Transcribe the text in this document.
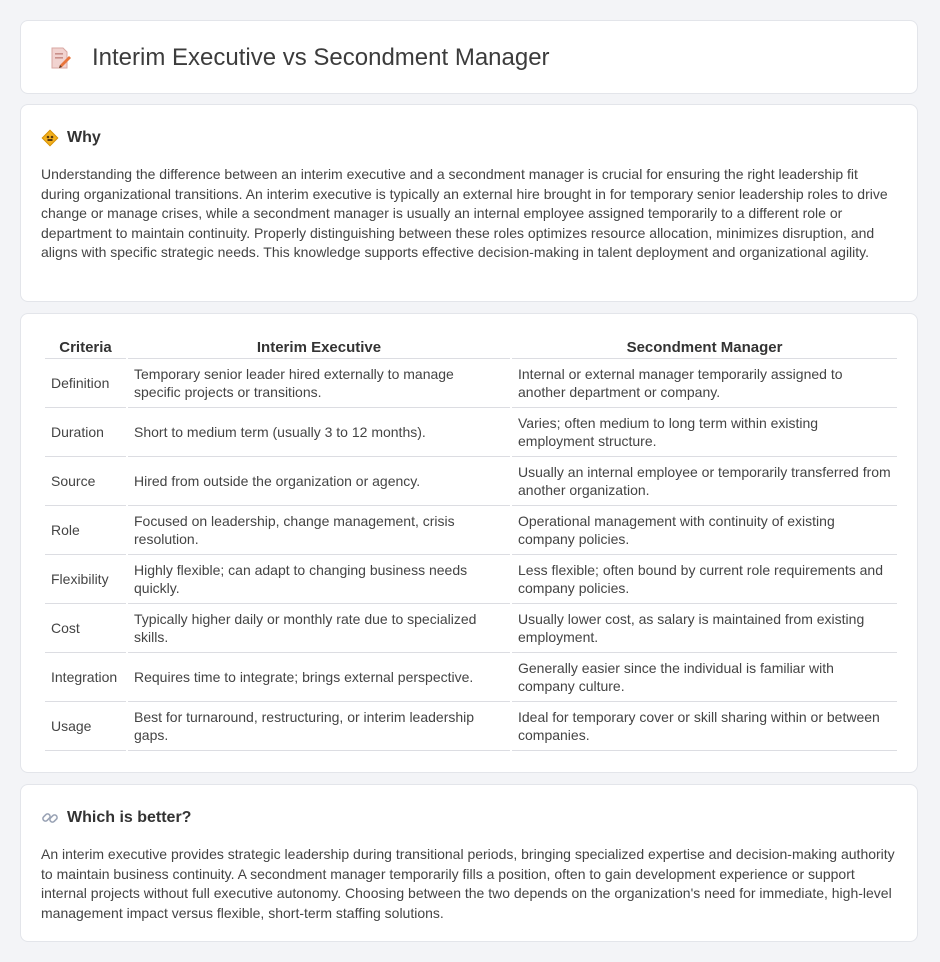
Interim Executive vs Secondment Manager
Why

Understanding the difference between an interim executive and a secondment manager is crucial for ensuring the right leadership fit during organizational transitions. An interim executive is typically an external hire brought in for temporary senior leadership roles to drive change or manage crises, while a secondment manager is usually an internal employee assigned temporarily to a different role or department to maintain continuity. Properly distinguishing between these roles optimizes resource allocation, minimizes disruption, and aligns with specific strategic needs. This knowledge supports effective decision-making in talent deployment and organizational agility.

Criteria	Interim Executive	Secondment Manager
Definition	Temporary senior leader hired externally to manage specific projects or transitions.	Internal or external manager temporarily assigned to another department or company.
Duration	Short to medium term (usually 3 to 12 months).	Varies; often medium to long term within existing employment structure.
Source	Hired from outside the organization or agency.	Usually an internal employee or temporarily transferred from another organization.
Role	Focused on leadership, change management, crisis resolution.	Operational management with continuity of existing company policies.
Flexibility	Highly flexible; can adapt to changing business needs quickly.	Less flexible; often bound by current role requirements and company policies.
Cost	Typically higher daily or monthly rate due to specialized skills.	Usually lower cost, as salary is maintained from existing employment.
Integration	Requires time to integrate; brings external perspective.	Generally easier since the individual is familiar with company culture.
Usage	Best for turnaround, restructuring, or interim leadership gaps.	Ideal for temporary cover or skill sharing within or between companies.
Which is better?

An interim executive provides strategic leadership during transitional periods, bringing specialized expertise and decision-making authority to maintain business continuity. A secondment manager temporarily fills a position, often to gain development experience or support internal projects without full executive autonomy. Choosing between the two depends on the organization's need for immediate, high-level management impact versus flexible, short-term staffing solutions.
